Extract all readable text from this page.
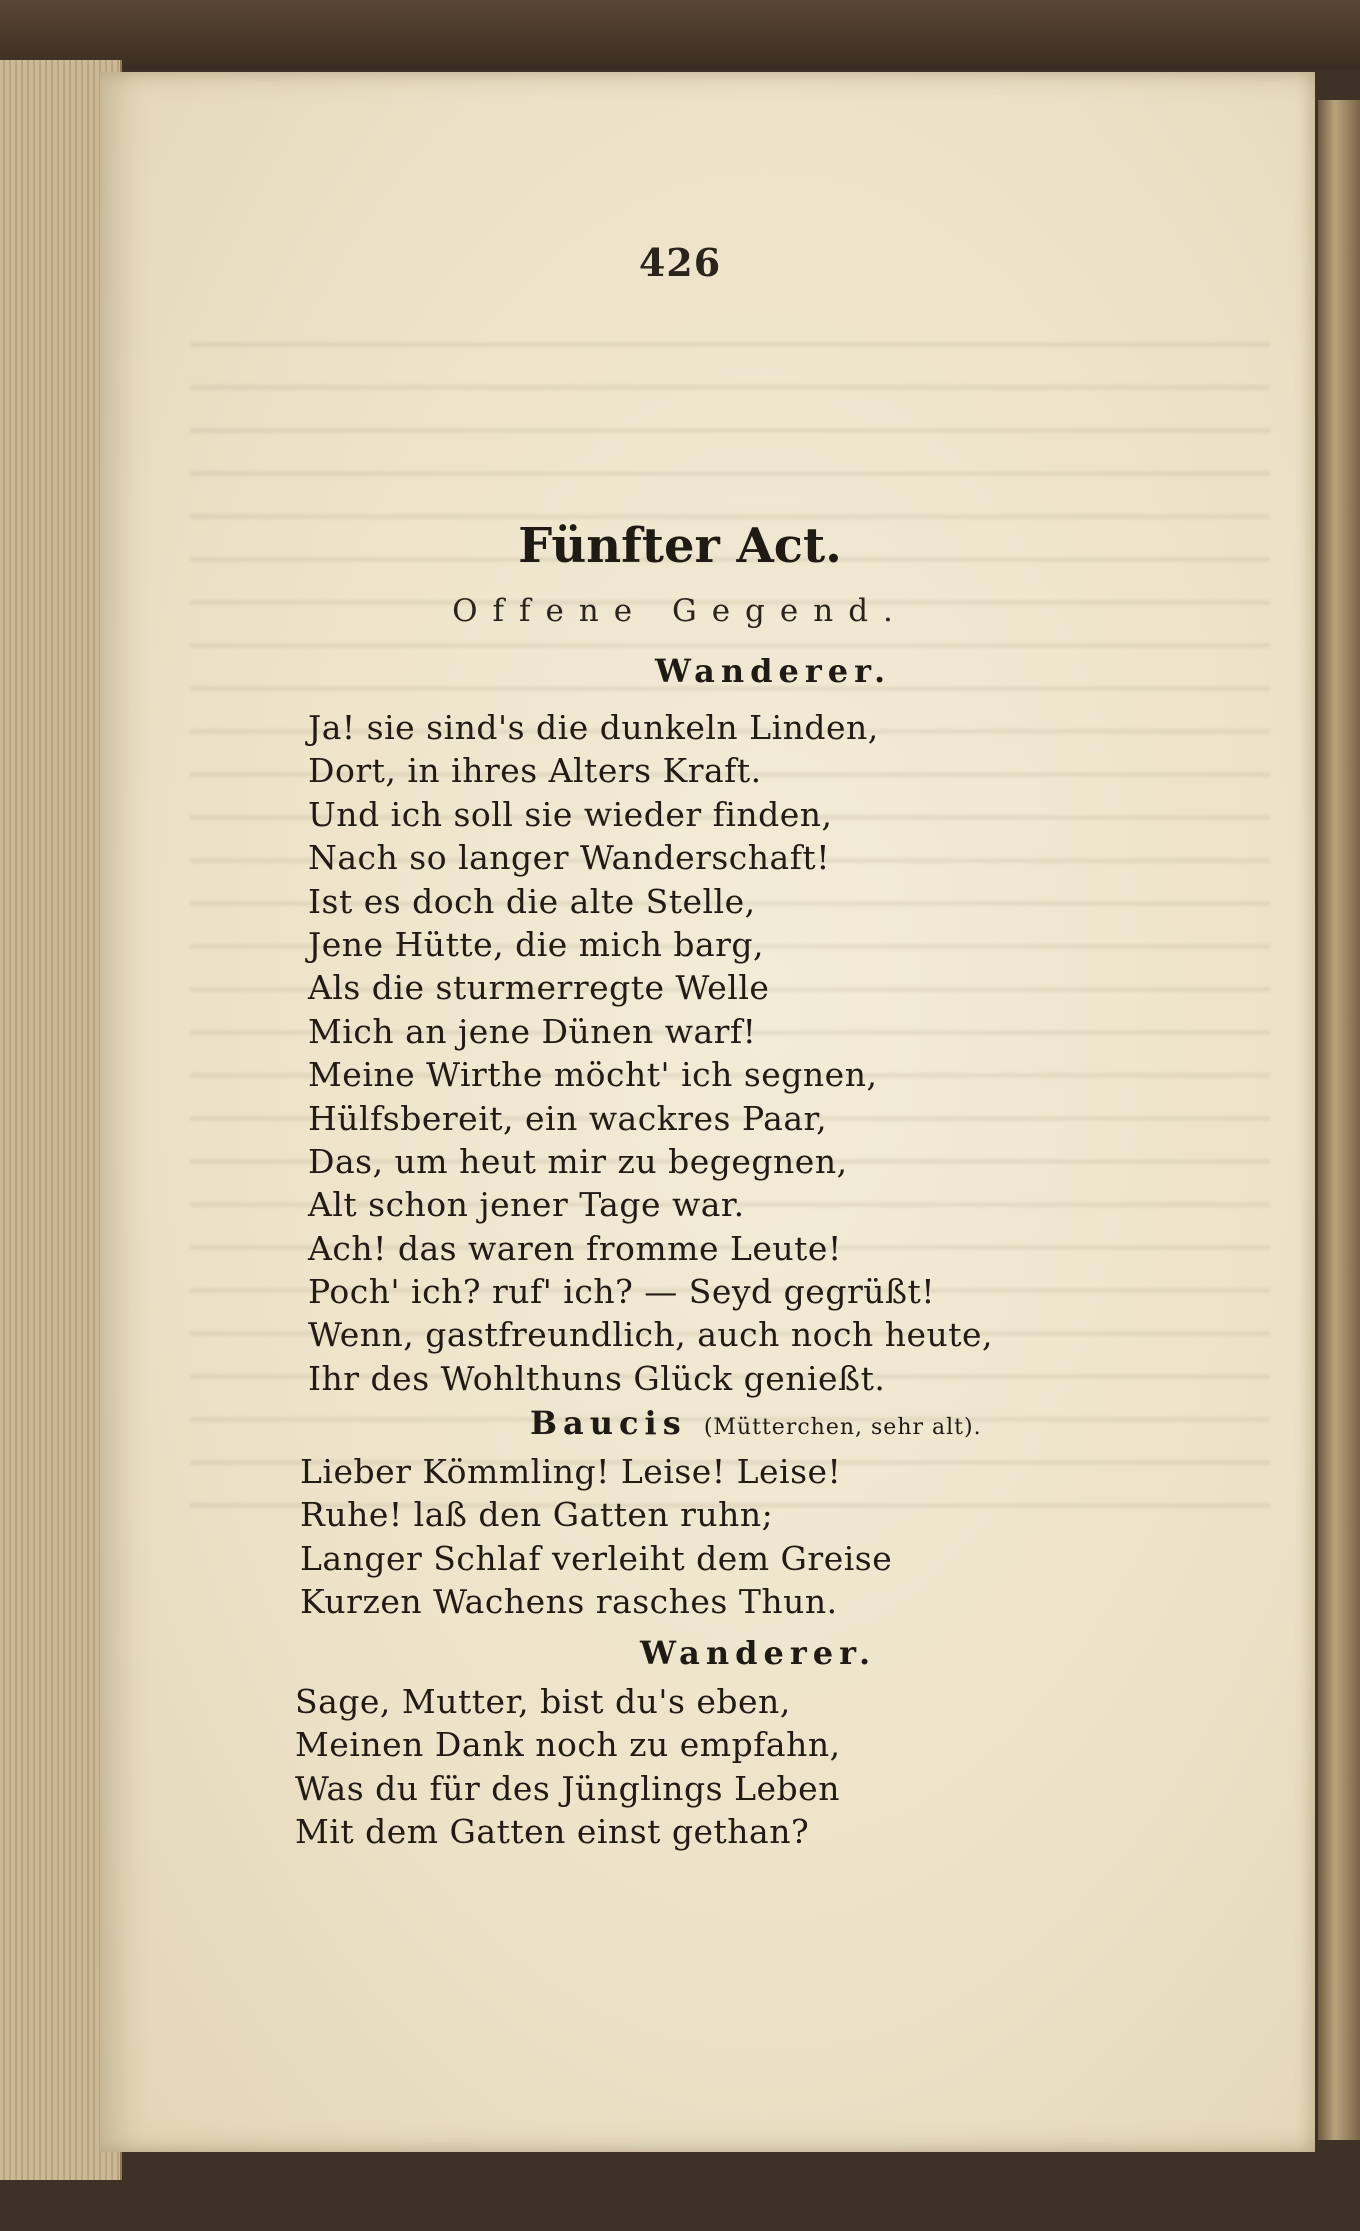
426
Fünfter Act.
Offene Gegend.
Wanderer.
Ja! sie sind's die dunkeln Linden,
Dort, in ihres Alters Kraft.
Und ich soll sie wieder finden,
Nach so langer Wanderschaft!
Ist es doch die alte Stelle,
Jene Hütte, die mich barg,
Als die sturmerregte Welle
Mich an jene Dünen warf!
Meine Wirthe möcht' ich segnen,
Hülfsbereit, ein wackres Paar,
Das, um heut mir zu begegnen,
Alt schon jener Tage war.
Ach! das waren fromme Leute!
Poch' ich? ruf' ich? — Seyd gegrüßt!
Wenn, gastfreundlich, auch noch heute,
Ihr des Wohlthuns Glück genießt.
Baucis (Mütterchen, sehr alt).
Lieber Kömmling! Leise! Leise!
Ruhe! laß den Gatten ruhn;
Langer Schlaf verleiht dem Greise
Kurzen Wachens rasches Thun.
Wanderer.
Sage, Mutter, bist du's eben,
Meinen Dank noch zu empfahn,
Was du für des Jünglings Leben
Mit dem Gatten einst gethan?
